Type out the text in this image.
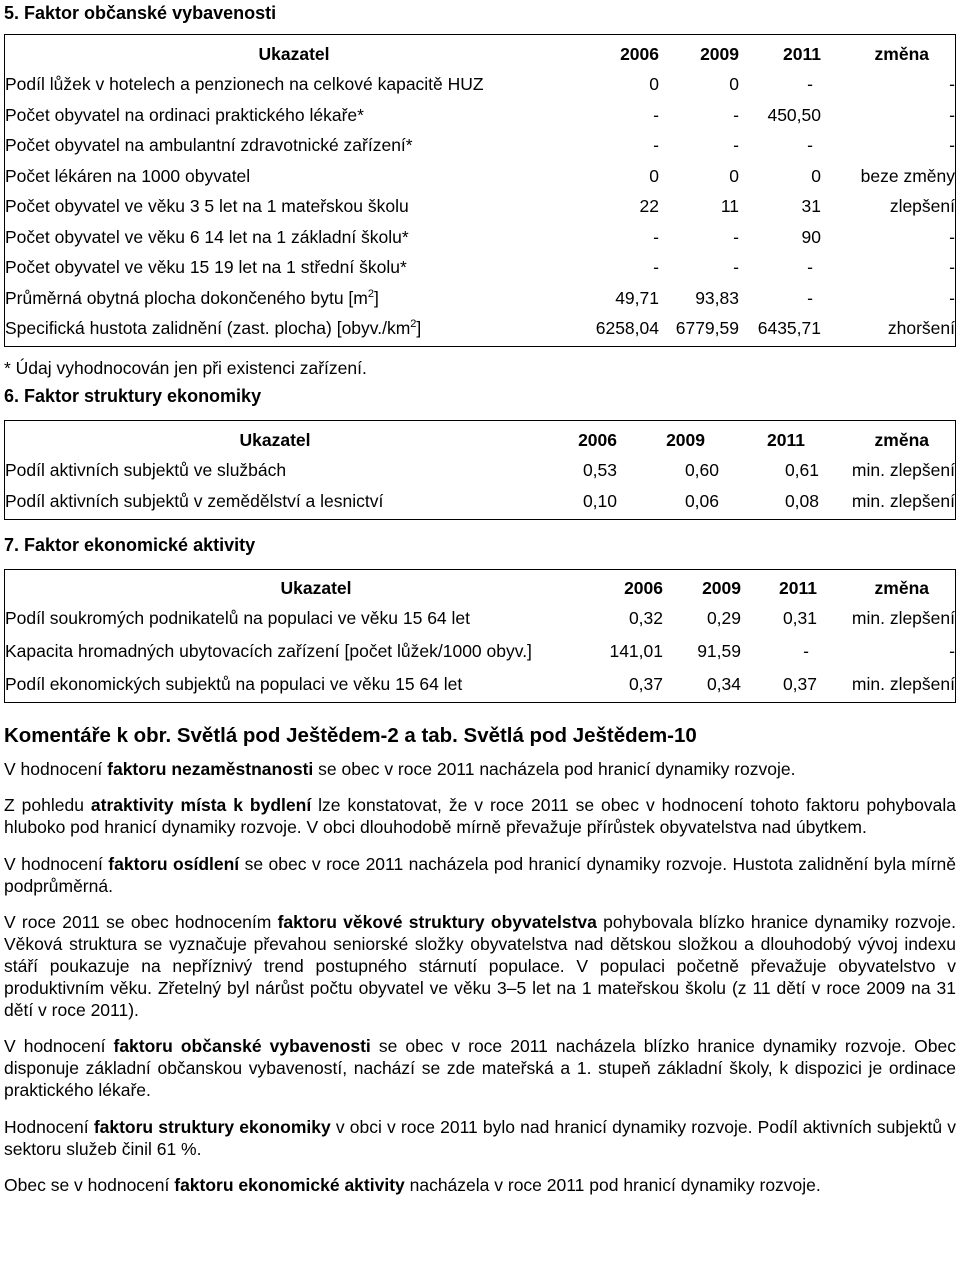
5. Faktor občanské vybavenosti
Ukazatel	2006	2009	2011	změna
Podíl lůžek v hotelech a penzionech na celkové kapacitě HUZ	0	0	-	-
Počet obyvatel na ordinaci praktického lékaře*	-	-	450,50	-
Počet obyvatel na ambulantní zdravotnické zařízení*	-	-	-	-
Počet lékáren na 1000 obyvatel	0	0	0	beze změny
Počet obyvatel ve věku 3 5 let na 1 mateřskou školu	22	11	31	zlepšení
Počet obyvatel ve věku 6 14 let na 1 základní školu*	-	-	90	-
Počet obyvatel ve věku 15 19 let na 1 střední školu*	-	-	-	-
Průměrná obytná plocha dokončeného bytu $[m^2]$	49,71	93,83	-	-
Specifická hustota zalidnění (zast. plocha) $[obyv./km^2]$	6258,04	6779,59	6435,71	zhoršení

* Údaj vyhodnocován jen při existenci zařízení.

6. Faktor struktury ekonomiky
Ukazatel	2006	2009	2011	změna
Podíl aktivních subjektů ve službách	0,53	0,60	0,61	min. zlepšení
Podíl aktivních subjektů v zemědělství a lesnictví	0,10	0,06	0,08	min. zlepšení
7. Faktor ekonomické aktivity
Ukazatel	2006	2009	2011	změna
Podíl soukromých podnikatelů na populaci ve věku 15 64 let	0,32	0,29	0,31	min. zlepšení
Kapacita hromadných ubytovacích zařízení [počet lůžek/1000 obyv.]	141,01	91,59	-	-
Podíl ekonomických subjektů na populaci ve věku 15 64 let	0,37	0,34	0,37	min. zlepšení
Komentáře k obr. Světlá pod Ještědem-2 a tab. Světlá pod Ještědem-10

V hodnocení faktoru nezaměstnanosti se obec v roce 2011 nacházela pod hranicí dynamiky rozvoje.

Z pohledu atraktivity místa k bydlení lze konstatovat, že v roce 2011 se obec v hodnocení tohoto faktoru pohybovala hluboko pod hranicí dynamiky rozvoje. V obci dlouhodobě mírně převažuje přírůstek obyvatelstva nad úbytkem.

V hodnocení faktoru osídlení se obec v roce 2011 nacházela pod hranicí dynamiky rozvoje. Hustota zalidnění byla mírně podprůměrná.

V roce 2011 se obec hodnocením faktoru věkové struktury obyvatelstva pohybovala blízko hranice dynamiky rozvoje. Věková struktura se vyznačuje převahou seniorské složky obyvatelstva nad dětskou složkou a dlouhodobý vývoj indexu stáří poukazuje na nepříznivý trend postupného stárnutí populace. V populaci početně převažuje obyvatelstvo v produktivním věku. Zřetelný byl nárůst počtu obyvatel ve věku 3–5 let na 1 mateřskou školu (z 11 dětí v roce 2009 na 31 dětí v roce 2011).

V hodnocení faktoru občanské vybavenosti se obec v roce 2011 nacházela blízko hranice dynamiky rozvoje. Obec disponuje základní občanskou vybaveností, nachází se zde mateřská a 1. stupeň základní školy, k dispozici je ordinace praktického lékaře.

Hodnocení faktoru struktury ekonomiky v obci v roce 2011 bylo nad hranicí dynamiky rozvoje. Podíl aktivních subjektů v sektoru služeb činil 61 %.

Obec se v hodnocení faktoru ekonomické aktivity nacházela v roce 2011 pod hranicí dynamiky rozvoje.
